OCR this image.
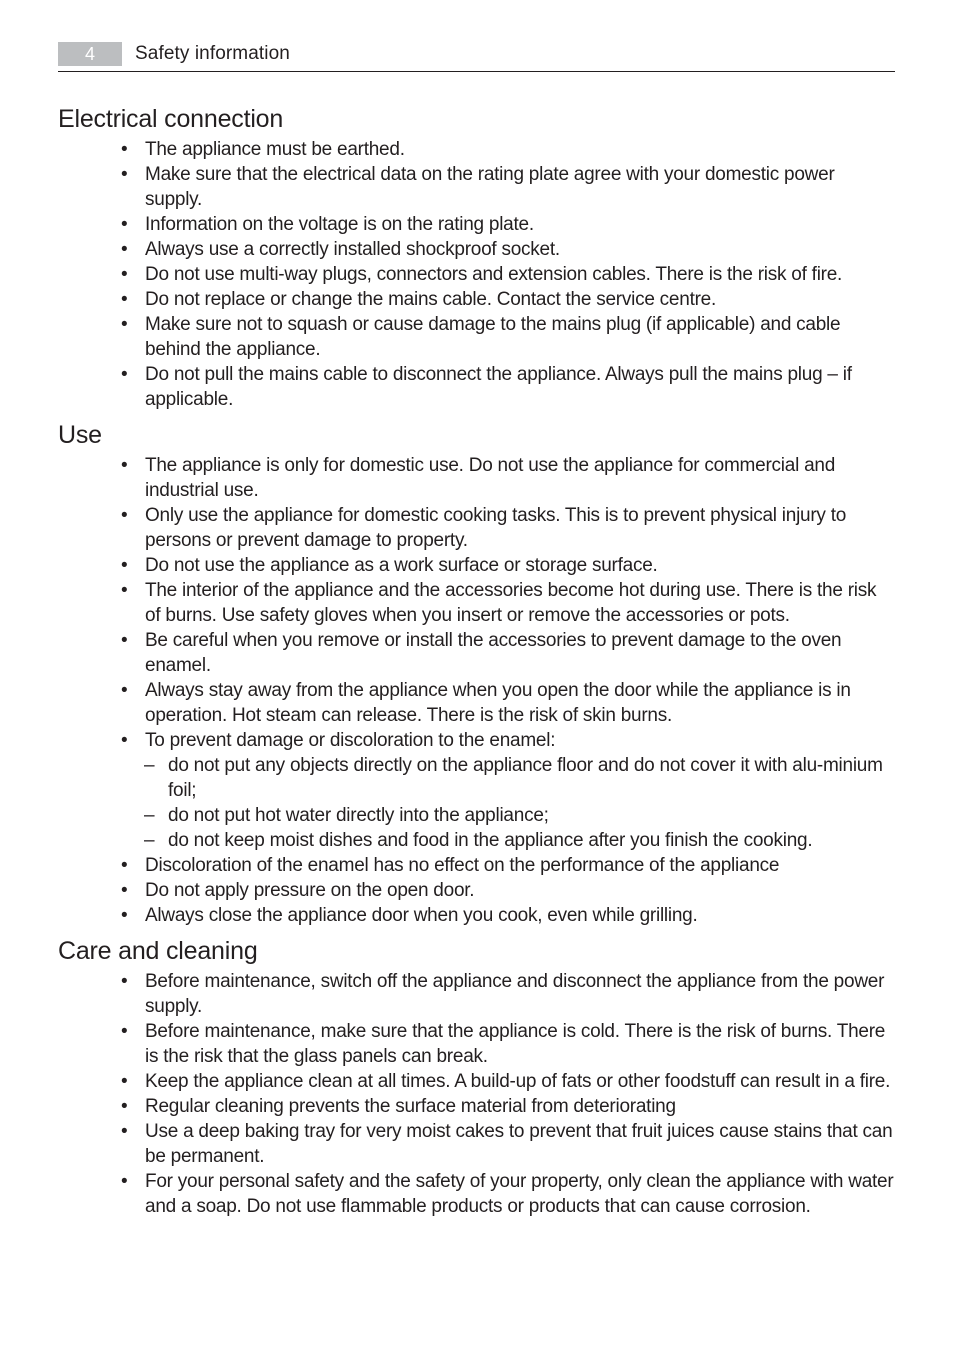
4	Safety information
Electrical connection
• The appliance must be earthed.
• Make sure that the electrical data on the rating plate agree with your domestic power supply.
• Information on the voltage is on the rating plate.
• Always use a correctly installed shockproof socket.
• Do not use multi-way plugs, connectors and extension cables. There is the risk of fire.
• Do not replace or change the mains cable. Contact the service centre.
• Make sure not to squash or cause damage to the mains plug (if applicable) and cable behind the appliance.
• Do not pull the mains cable to disconnect the appliance. Always pull the mains plug – if applicable.
Use
• The appliance is only for domestic use. Do not use the appliance for commercial and industrial use.
• Only use the appliance for domestic cooking tasks. This is to prevent physical injury to persons or prevent damage to property.
• Do not use the appliance as a work surface or storage surface.
• The interior of the appliance and the accessories become hot during use. There is the risk of burns. Use safety gloves when you insert or remove the accessories or pots.
• Be careful when you remove or install the accessories to prevent damage to the oven enamel.
• Always stay away from the appliance when you open the door while the appliance is in operation. Hot steam can release. There is the risk of skin burns.
• To prevent damage or discoloration to the enamel:
– do not put any objects directly on the appliance floor and do not cover it with alu-minium foil;
– do not put hot water directly into the appliance;
– do not keep moist dishes and food in the appliance after you finish the cooking.
• Discoloration of the enamel has no effect on the performance of the appliance
• Do not apply pressure on the open door.
• Always close the appliance door when you cook, even while grilling.
Care and cleaning
• Before maintenance, switch off the appliance and disconnect the appliance from the power supply.
• Before maintenance, make sure that the appliance is cold. There is the risk of burns. There is the risk that the glass panels can break.
• Keep the appliance clean at all times. A build-up of fats or other foodstuff can result in a fire.
• Regular cleaning prevents the surface material from deteriorating
• Use a deep baking tray for very moist cakes to prevent that fruit juices cause stains that can be permanent.
• For your personal safety and the safety of your property, only clean the appliance with water and a soap. Do not use flammable products or products that can cause corrosion.
